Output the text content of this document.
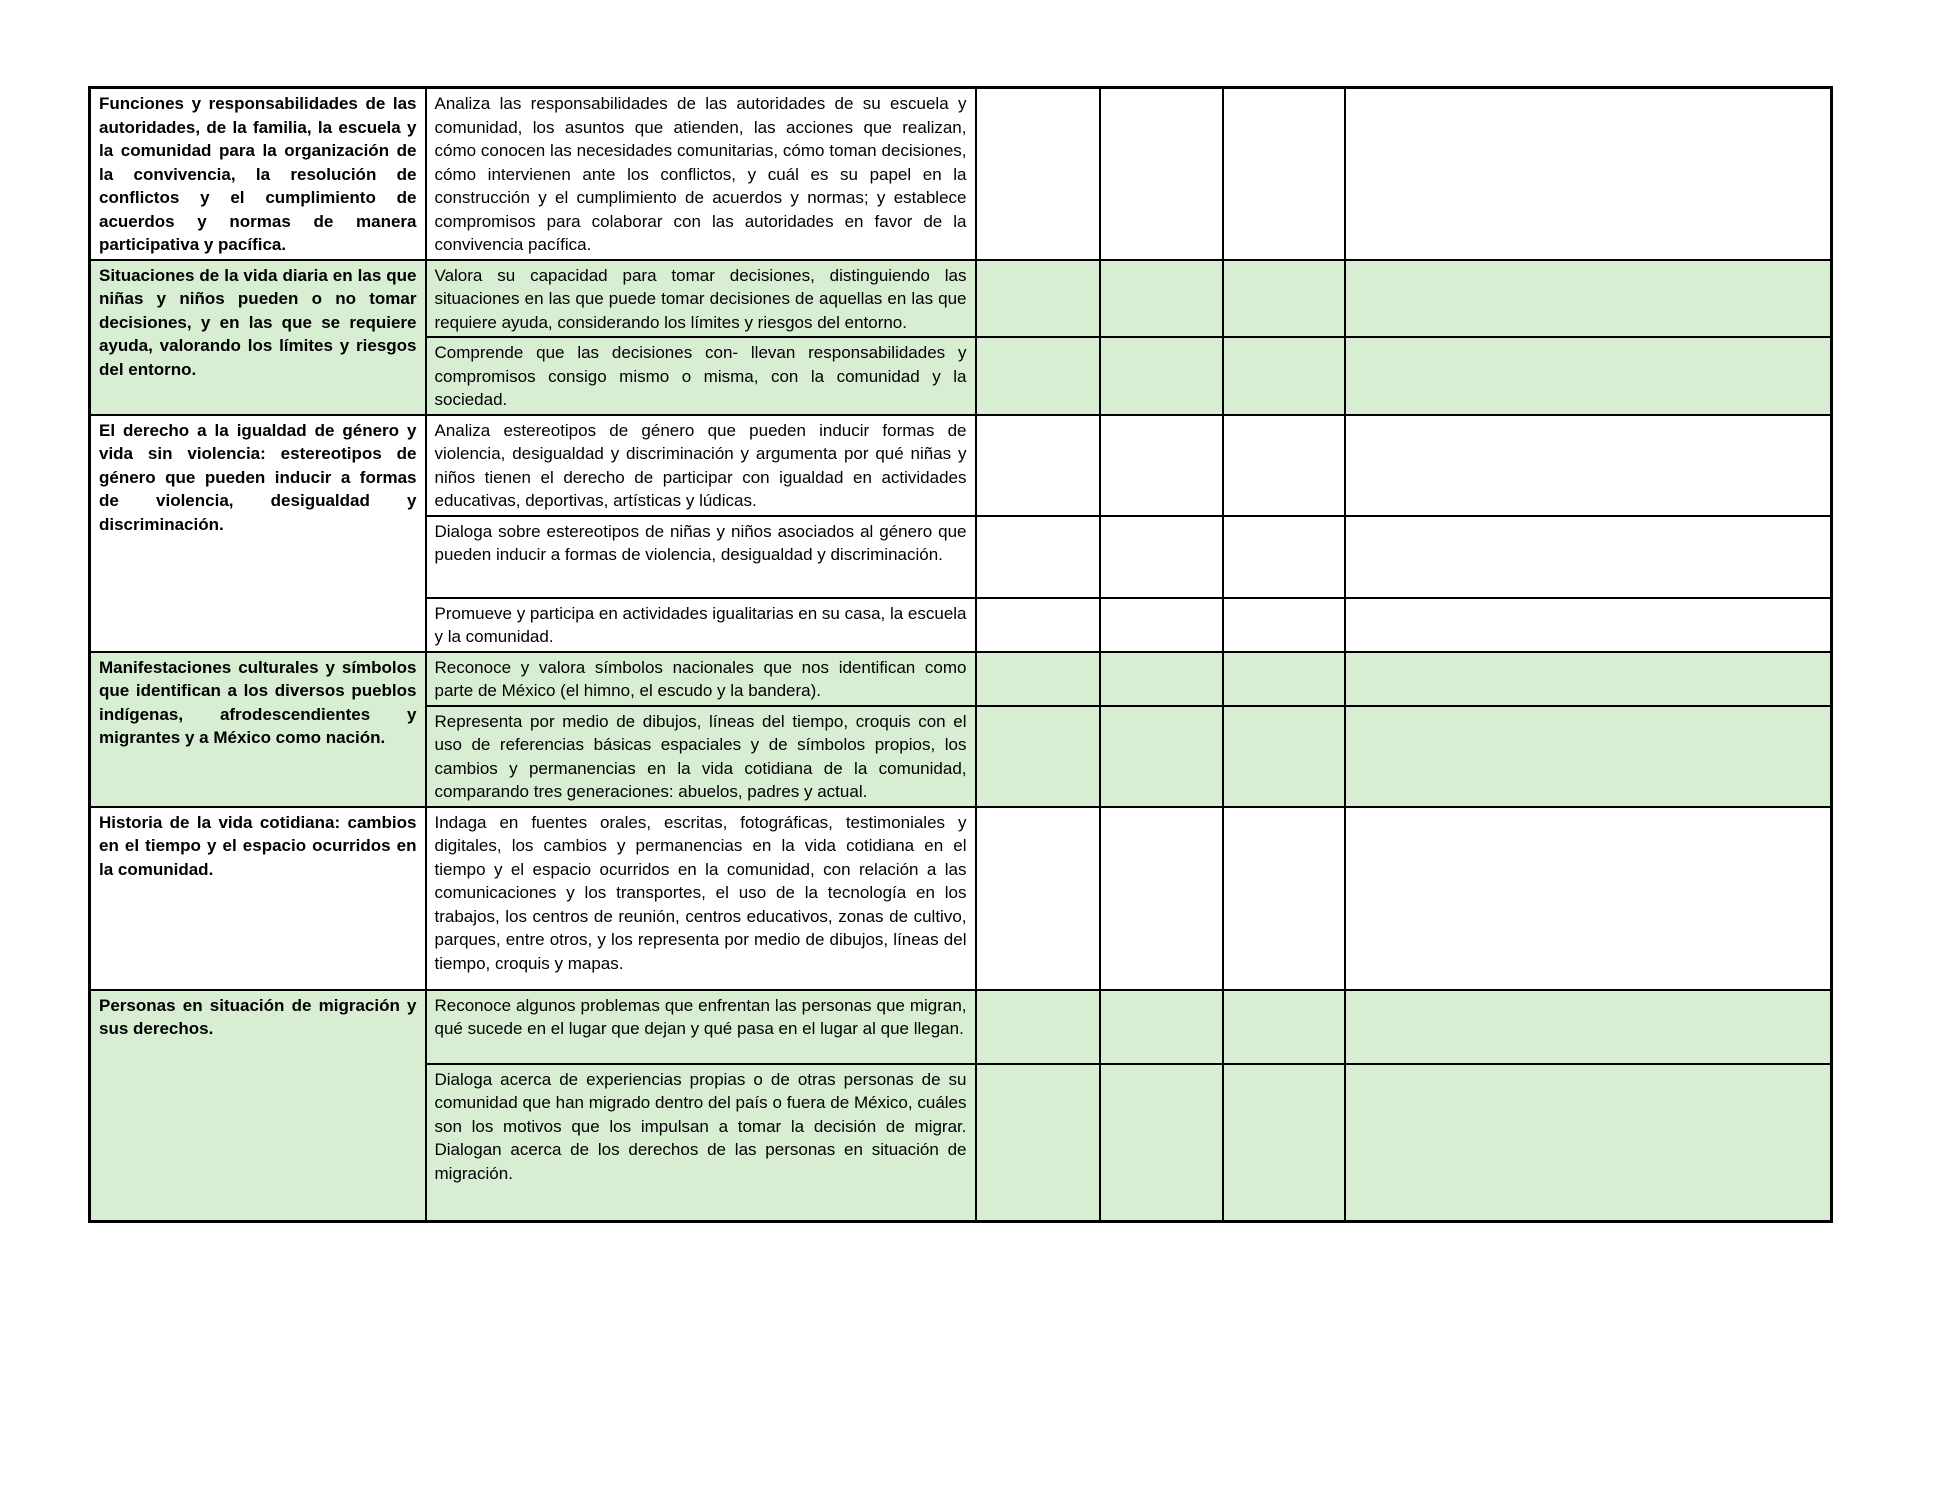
Funciones y responsabilidades de las autoridades, de la familia, la escuela y la comunidad para la organización de la convivencia, la resolución de conflictos y el cumplimiento de acuerdos y normas de manera participativa y pacífica.	Analiza las responsabilidades de las autoridades de su escuela y comunidad, los asuntos que atienden, las acciones que realizan, cómo conocen las necesidades comunitarias, cómo toman decisiones, cómo intervienen ante los conflictos, y cuál es su papel en la construcción y el cumplimiento de acuerdos y normas; y establece compromisos para colaborar con las autoridades en favor de la convivencia pacífica.				
Situaciones de la vida diaria en las que niñas y niños pueden o no tomar decisiones, y en las que se requiere ayuda, valorando los límites y riesgos del entorno.	Valora su capacidad para tomar decisiones, distinguiendo las situaciones en las que puede tomar decisiones de aquellas en las que requiere ayuda, considerando los límites y riesgos del entorno.				
	Comprende que las decisiones con- llevan responsabilidades y compromisos consigo mismo o misma, con la comunidad y la sociedad.				
El derecho a la igualdad de género y vida sin violencia: estereotipos de género que pueden inducir a formas de violencia, desigualdad y discriminación.	Analiza estereotipos de género que pueden inducir formas de violencia, desigualdad y discriminación y argumenta por qué niñas y niños tienen el derecho de participar con igualdad en actividades educativas, deportivas, artísticas y lúdicas.				
	Dialoga sobre estereotipos de niñas y niños asociados al género que pueden inducir a formas de violencia, desigualdad y discriminación.				
	Promueve y participa en actividades igualitarias en su casa, la escuela y la comunidad.				
Manifestaciones culturales y símbolos que identifican a los diversos pueblos indígenas, afrodescendientes y migrantes y a México como nación.	Reconoce y valora símbolos nacionales que nos identifican como parte de México (el himno, el escudo y la bandera).				
	Representa por medio de dibujos, líneas del tiempo, croquis con el uso de referencias básicas espaciales y de símbolos propios, los cambios y permanencias en la vida cotidiana de la comunidad, comparando tres generaciones: abuelos, padres y actual.				
Historia de la vida cotidiana: cambios en el tiempo y el espacio ocurridos en la comunidad.	Indaga en fuentes orales, escritas, fotográficas, testimoniales y digitales, los cambios y permanencias en la vida cotidiana en el tiempo y el espacio ocurridos en la comunidad, con relación a las comunicaciones y los transportes, el uso de la tecnología en los trabajos, los centros de reunión, centros educativos, zonas de cultivo, parques, entre otros, y los representa por medio de dibujos, líneas del tiempo, croquis y mapas.				
Personas en situación de migración y sus derechos.	Reconoce algunos problemas que enfrentan las personas que migran, qué sucede en el lugar que dejan y qué pasa en el lugar al que llegan.				
	Dialoga acerca de experiencias propias o de otras personas de su comunidad que han migrado dentro del país o fuera de México, cuáles son los motivos que los impulsan a tomar la decisión de migrar. Dialogan acerca de los derechos de las personas en situación de migración.				
